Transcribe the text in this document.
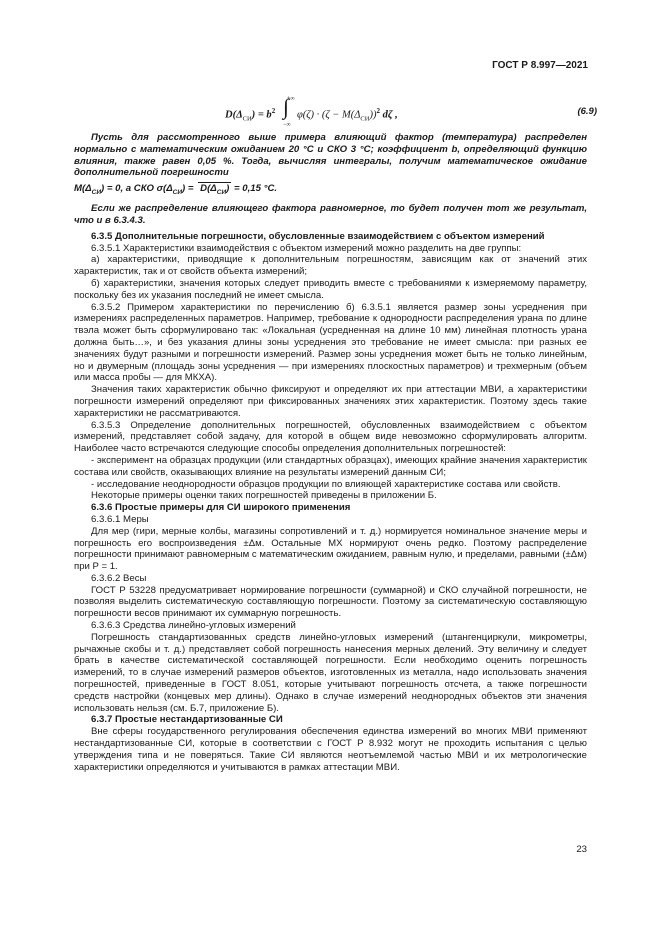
ГОСТ Р 8.997—2021
$D(\Delta_{СИ}) = b^2$ ∫
+∞
−∞
$\varphi(\zeta) \cdot (\zeta - M(\Delta_{СИ}))^2$ dζ ,	(6.9)

Пусть для рассмотренного выше примера влияющий фактор (температура) распределен нормально с математическим ожиданием 20 °С и СКО 3 °С; коэффициент b, определяющий функцию влияния, также равен 0,05 %. Тогда, вычисляя интегралы, получим математическое ожидание дополнительной погрешности

$M(\Delta_{СИ}) = 0$, а СКО $\sigma(\Delta_{СИ}) = D(\Delta_{СИ}) = 0,15$ °С.

Если же распределение влияющего фактора равномерное, то будет получен тот же результат, что и в 6.3.4.3.

6.3.5 Дополнительные погрешности, обусловленные взаимодействием с объектом измерений

6.3.5.1 Характеристики взаимодействия с объектом измерений можно разделить на две группы:

а) характеристики, приводящие к дополнительным погрешностям, зависящим как от значений этих характеристик, так и от свойств объекта измерений;

б) характеристики, значения которых следует приводить вместе с требованиями к измеряемому параметру, поскольку без их указания последний не имеет смысла.

6.3.5.2 Примером характеристики по перечислению б) 6.3.5.1 является размер зоны усреднения при измерениях распределенных параметров. Например, требование к однородности распределения урана по длине твэла может быть сформулировано так: «Локальная (усредненная на длине 10 мм) линейная плотность урана должна быть…», и без указания длины зоны усреднения это требование не имеет смысла: при разных ее значениях будут разными и погрешности измерений. Размер зоны усреднения может быть не только линейным, но и двумерным (площадь зоны усреднения — при измерениях плоскостных параметров) и трехмерным (объем или масса пробы — для МКХА).

Значения таких характеристик обычно фиксируют и определяют их при аттестации МВИ, а характеристики погрешности измерений определяют при фиксированных значениях этих характеристик. Поэтому здесь такие характеристики не рассматриваются.

6.3.5.3 Определение дополнительных погрешностей, обусловленных взаимодействием с объектом измерений, представляет собой задачу, для которой в общем виде невозможно сформулировать алгоритм. Наиболее часто встречаются следующие способы определения дополнительных погрешностей:

- эксперимент на образцах продукции (или стандартных образцах), имеющих крайние значения характеристик состава или свойств, оказывающих влияние на результаты измерений данным СИ;

- исследование неоднородности образцов продукции по влияющей характеристике состава или свойств.

Некоторые примеры оценки таких погрешностей приведены в приложении Б.

6.3.6 Простые примеры для СИ широкого применения

6.3.6.1 Меры

Для мер (гири, мерные колбы, магазины сопротивлений и т. д.) нормируется номинальное значение меры и погрешность его воспроизведения ±Δм. Остальные МХ нормируют очень редко. Поэтому распределение погрешности принимают равномерным с математическим ожиданием, равным нулю, и пределами, равными (±Δм) при P = 1.

6.3.6.2 Весы

ГОСТ Р 53228 предусматривает нормирование погрешности (суммарной) и СКО случайной погрешности, не позволяя выделить систематическую составляющую погрешности. Поэтому за систематическую составляющую погрешности весов принимают их суммарную погрешность.

6.3.6.3 Средства линейно-угловых измерений

Погрешность стандартизованных средств линейно-угловых измерений (штангенциркули, микрометры, рычажные скобы и т. д.) представляет собой погрешность нанесения мерных делений. Эту величину и следует брать в качестве систематической составляющей погрешности. Если необходимо оценить погрешность измерений, то в случае измерений размеров объектов, изготовленных из металла, надо использовать значения погрешностей, приведенные в ГОСТ 8.051, которые учитывают погрешность отсчета, а также погрешности средств настройки (концевых мер длины). Однако в случае измерений неоднородных объектов эти значения использовать нельзя (см. Б.7, приложение Б).

6.3.7 Простые нестандартизованные СИ

Вне сферы государственного регулирования обеспечения единства измерений во многих МВИ применяют нестандартизованные СИ, которые в соответствии с ГОСТ Р 8.932 могут не проходить испытания с целью утверждения типа и не поверяться. Такие СИ являются неотъемлемой частью МВИ и их метрологические характеристики определяются и учитываются в рамках аттестации МВИ.

23
